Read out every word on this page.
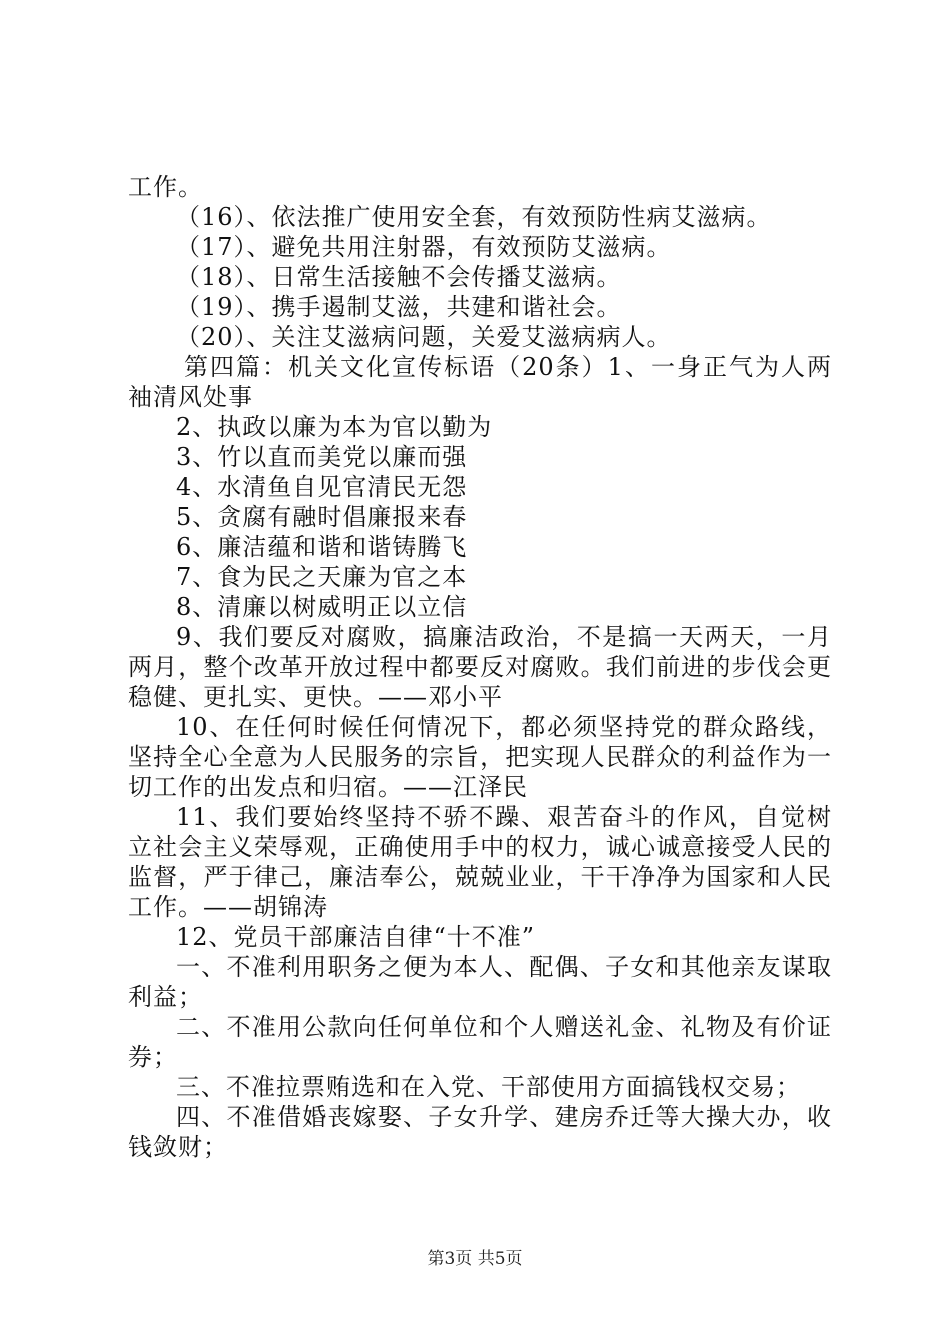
工作。

（16）、依法推广使用安全套，有效预防性病艾滋病。

（17）、避免共用注射器，有效预防艾滋病。

（18）、日常生活接触不会传播艾滋病。

（19）、携手遏制艾滋，共建和谐社会。

（20）、关注艾滋病问题，关爱艾滋病病人。

第四篇：机关文化宣传标语（20条）1、一身正气为人两袖清风处事

2、执政以廉为本为官以勤为

3、竹以直而美党以廉而强

4、水清鱼自见官清民无怨

5、贪腐有融时倡廉报来春

6、廉洁蕴和谐和谐铸腾飞

7、食为民之天廉为官之本

8、清廉以树威明正以立信

9、我们要反对腐败，搞廉洁政治，不是搞一天两天，一月两月，整个改革开放过程中都要反对腐败。我们前进的步伐会更稳健、更扎实、更快。——邓小平

10、在任何时候任何情况下，都必须坚持党的群众路线，坚持全心全意为人民服务的宗旨，把实现人民群众的利益作为一切工作的出发点和归宿。——江泽民

11、我们要始终坚持不骄不躁、艰苦奋斗的作风，自觉树立社会主义荣辱观，正确使用手中的权力，诚心诚意接受人民的监督，严于律己，廉洁奉公，兢兢业业，干干净净为国家和人民工作。——胡锦涛

12、党员干部廉洁自律“十不准”

一、不准利用职务之便为本人、配偶、子女和其他亲友谋取利益；

二、不准用公款向任何单位和个人赠送礼金、礼物及有价证券；

三、不准拉票贿选和在入党、干部使用方面搞钱权交易；

四、不准借婚丧嫁娶、子女升学、建房乔迁等大操大办，收钱敛财；

第3页 共5页
